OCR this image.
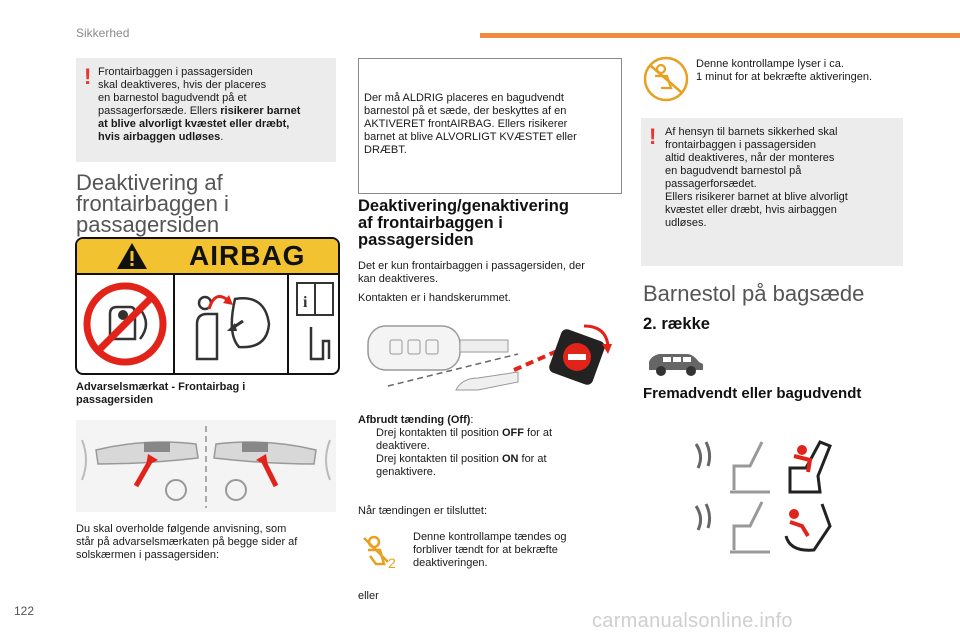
Sikkerhed
! Frontairbaggen i passagersiden
skal deaktiveres, hvis der placeres
en barnestol bagudvendt på et
passagerforsæde. Ellers risikerer barnet
at blive alvorligt kvæstet eller dræbt,
hvis airbaggen udløses.
Deaktivering af
frontairbaggen i
passagersiden
AIRBAG
i
Advarselsmærkat - Frontairbag i
passagersiden
Du skal overholde følgende anvisning, som
står på advarselsmærkaten på begge sider af
solskærmen i passagersiden:
Der må ALDRIG placeres en bagudvendt
barnestol på et sæde, der beskyttes af en
AKTIVERET frontAIRBAG. Ellers risikerer
barnet at blive ALVORLIGT KVÆSTET eller
DRÆBT.
Deaktivering/genaktivering
af frontairbaggen i
passagersiden
Det er kun frontairbaggen i passagersiden, der
kan deaktiveres.
Kontakten er i handskerummet.
Afbrudt tænding (Off):
Drej kontakten til position OFF for at
deaktivere.
Drej kontakten til position ON for at
genaktivere.
Når tændingen er tilsluttet:
2
Denne kontrollampe tændes og
forbliver tændt for at bekræfte
deaktiveringen.
eller
Denne kontrollampe lyser i ca.
1 minut for at bekræfte aktiveringen.
! Af hensyn til barnets sikkerhed skal
frontairbaggen i passagersiden
altid deaktiveres, når der monteres
en bagudvendt barnestol på
passagerforsædet.
Ellers risikerer barnet at blive alvorligt
kvæstet eller dræbt, hvis airbaggen
udløses.
Barnestol på bagsæde
2. række
Fremadvendt eller bagudvendt
122	carmanualsonline.info
